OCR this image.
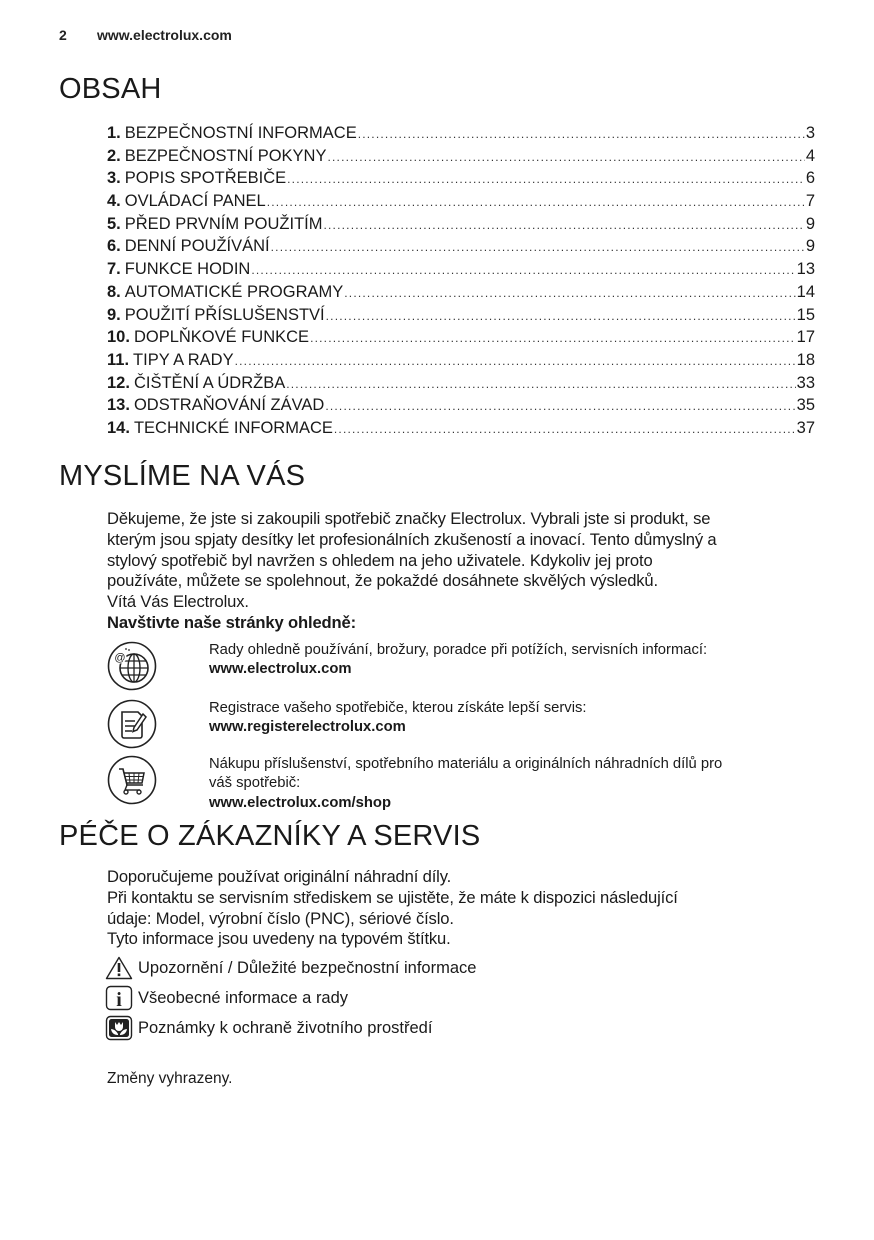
2	www.electrolux.com
OBSAH
1. BEZPEČNOSTNÍ INFORMACE .....	3
2. BEZPEČNOSTNÍ POKYNY .....	4
3. POPIS SPOTŘEBIČE .....	6
4. OVLÁDACÍ PANEL .....	7
5. PŘED PRVNÍM POUŽITÍM .....	9
6. DENNÍ POUŽÍVÁNÍ .....	9
7. FUNKCE HODIN .....	13
8. AUTOMATICKÉ PROGRAMY .....	14
9. POUŽITÍ PŘÍSLUŠENSTVÍ .....	15
10. DOPLŇKOVÉ FUNKCE .....	17
11. TIPY A RADY .....	18
12. ČIŠTĚNÍ A ÚDRŽBA .....	33
13. ODSTRAŇOVÁNÍ ZÁVAD .....	35
14. TECHNICKÉ INFORMACE .....	37
MYSLÍME NA VÁS
Děkujeme, že jste si zakoupili spotřebič značky Electrolux. Vybrali jste si produkt, se
kterým jsou spjaty desítky let profesionálních zkušeností a inovací. Tento důmyslný a
stylový spotřebič byl navržen s ohledem na jeho uživatele. Kdykoliv jej proto
používáte, můžete se spolehnout, že pokaždé dosáhnete skvělých výsledků.
Vítá Vás Electrolux.
Navštivte naše stránky ohledně:
@	Rady ohledně používání, brožury, poradce při potížích, servisních informací:
www.electrolux.com
Registrace vašeho spotřebiče, kterou získáte lepší servis:
www.registerelectrolux.com
Nákupu příslušenství, spotřebního materiálu a originálních náhradních dílů pro
váš spotřebič:
www.electrolux.com/shop
PÉČE O ZÁKAZNÍKY A SERVIS
Doporučujeme používat originální náhradní díly.
Při kontaktu se servisním střediskem se ujistěte, že máte k dispozici následující
údaje: Model, výrobní číslo (PNC), sériové číslo.
Tyto informace jsou uvedeny na typovém štítku.
Upozornění / Důležité bezpečnostní informace
i Všeobecné informace a rady
Poznámky k ochraně životního prostředí
Změny vyhrazeny.
